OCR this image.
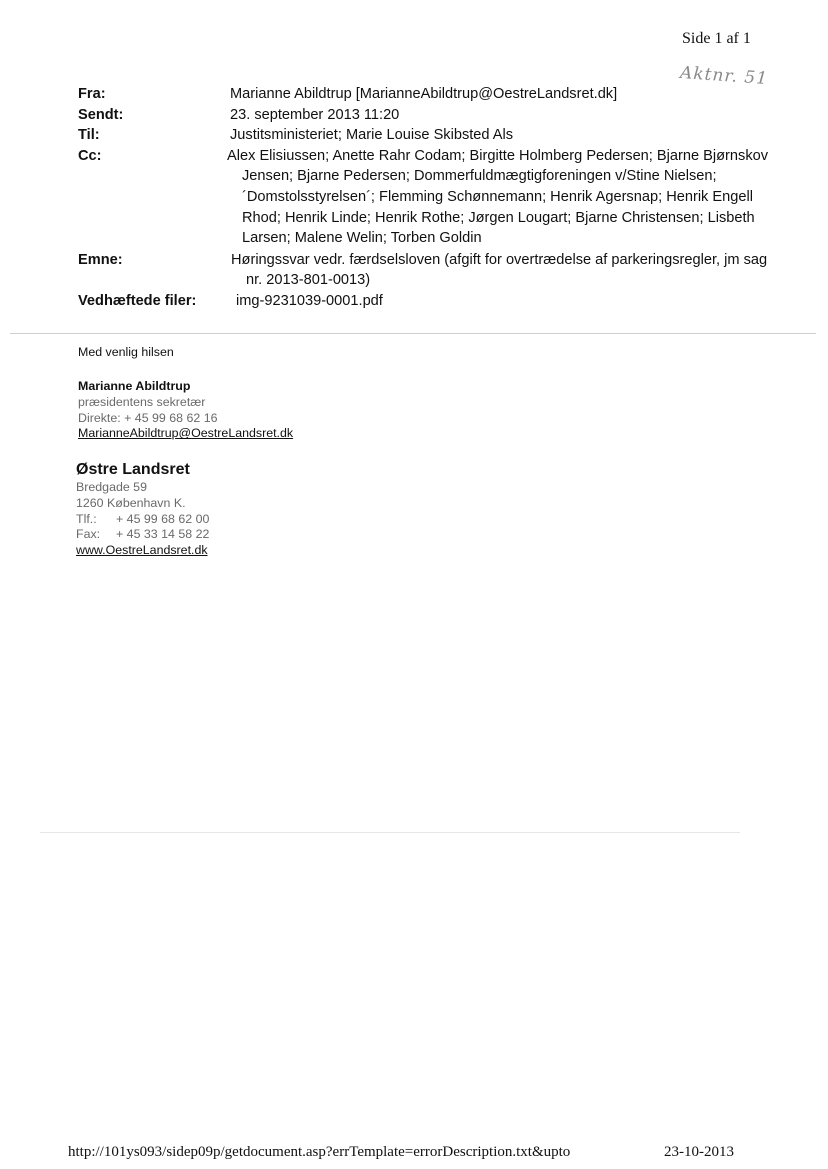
Side 1 af 1
Aktnr. 51
Fra:	Marianne Abildtrup [MarianneAbildtrup@OestreLandsret.dk]
Sendt:	23. september 2013 11:20
Til:	Justitsministeriet; Marie Louise Skibsted Als
Cc:	Alex Elisiussen; Anette Rahr Codam; Birgitte Holmberg Pedersen; Bjarne Bjørnskov Jensen; Bjarne Pedersen; Dommerfuldmægtigforeningen v/Stine Nielsen; ´Domstolsstyrelsen´; Flemming Schønnemann; Henrik Agersnap; Henrik Engell Rhod; Henrik Linde; Henrik Rothe; Jørgen Lougart; Bjarne Christensen; Lisbeth Larsen; Malene Welin; Torben Goldin
Emne:	Høringssvar vedr. færdselsloven (afgift for overtrædelse af parkeringsregler, jm sag nr. 2013-801-0013)
Vedhæftede filer:	img-9231039-0001.pdf
Med venlig hilsen
Marianne Abildtrup
præsidentens sekretær
Direkte: + 45 99 68 62 16
MarianneAbildtrup@OestreLandsret.dk
Østre Landsret
Bredgade 59
1260 København K.
Tlf.: + 45 99 68 62 00
Fax: + 45 33 14 58 22
www.OestreLandsret.dk
http://101ys093/sidep09p/getdocument.asp?errTemplate=errorDescription.txt&upto	23-10-2013
